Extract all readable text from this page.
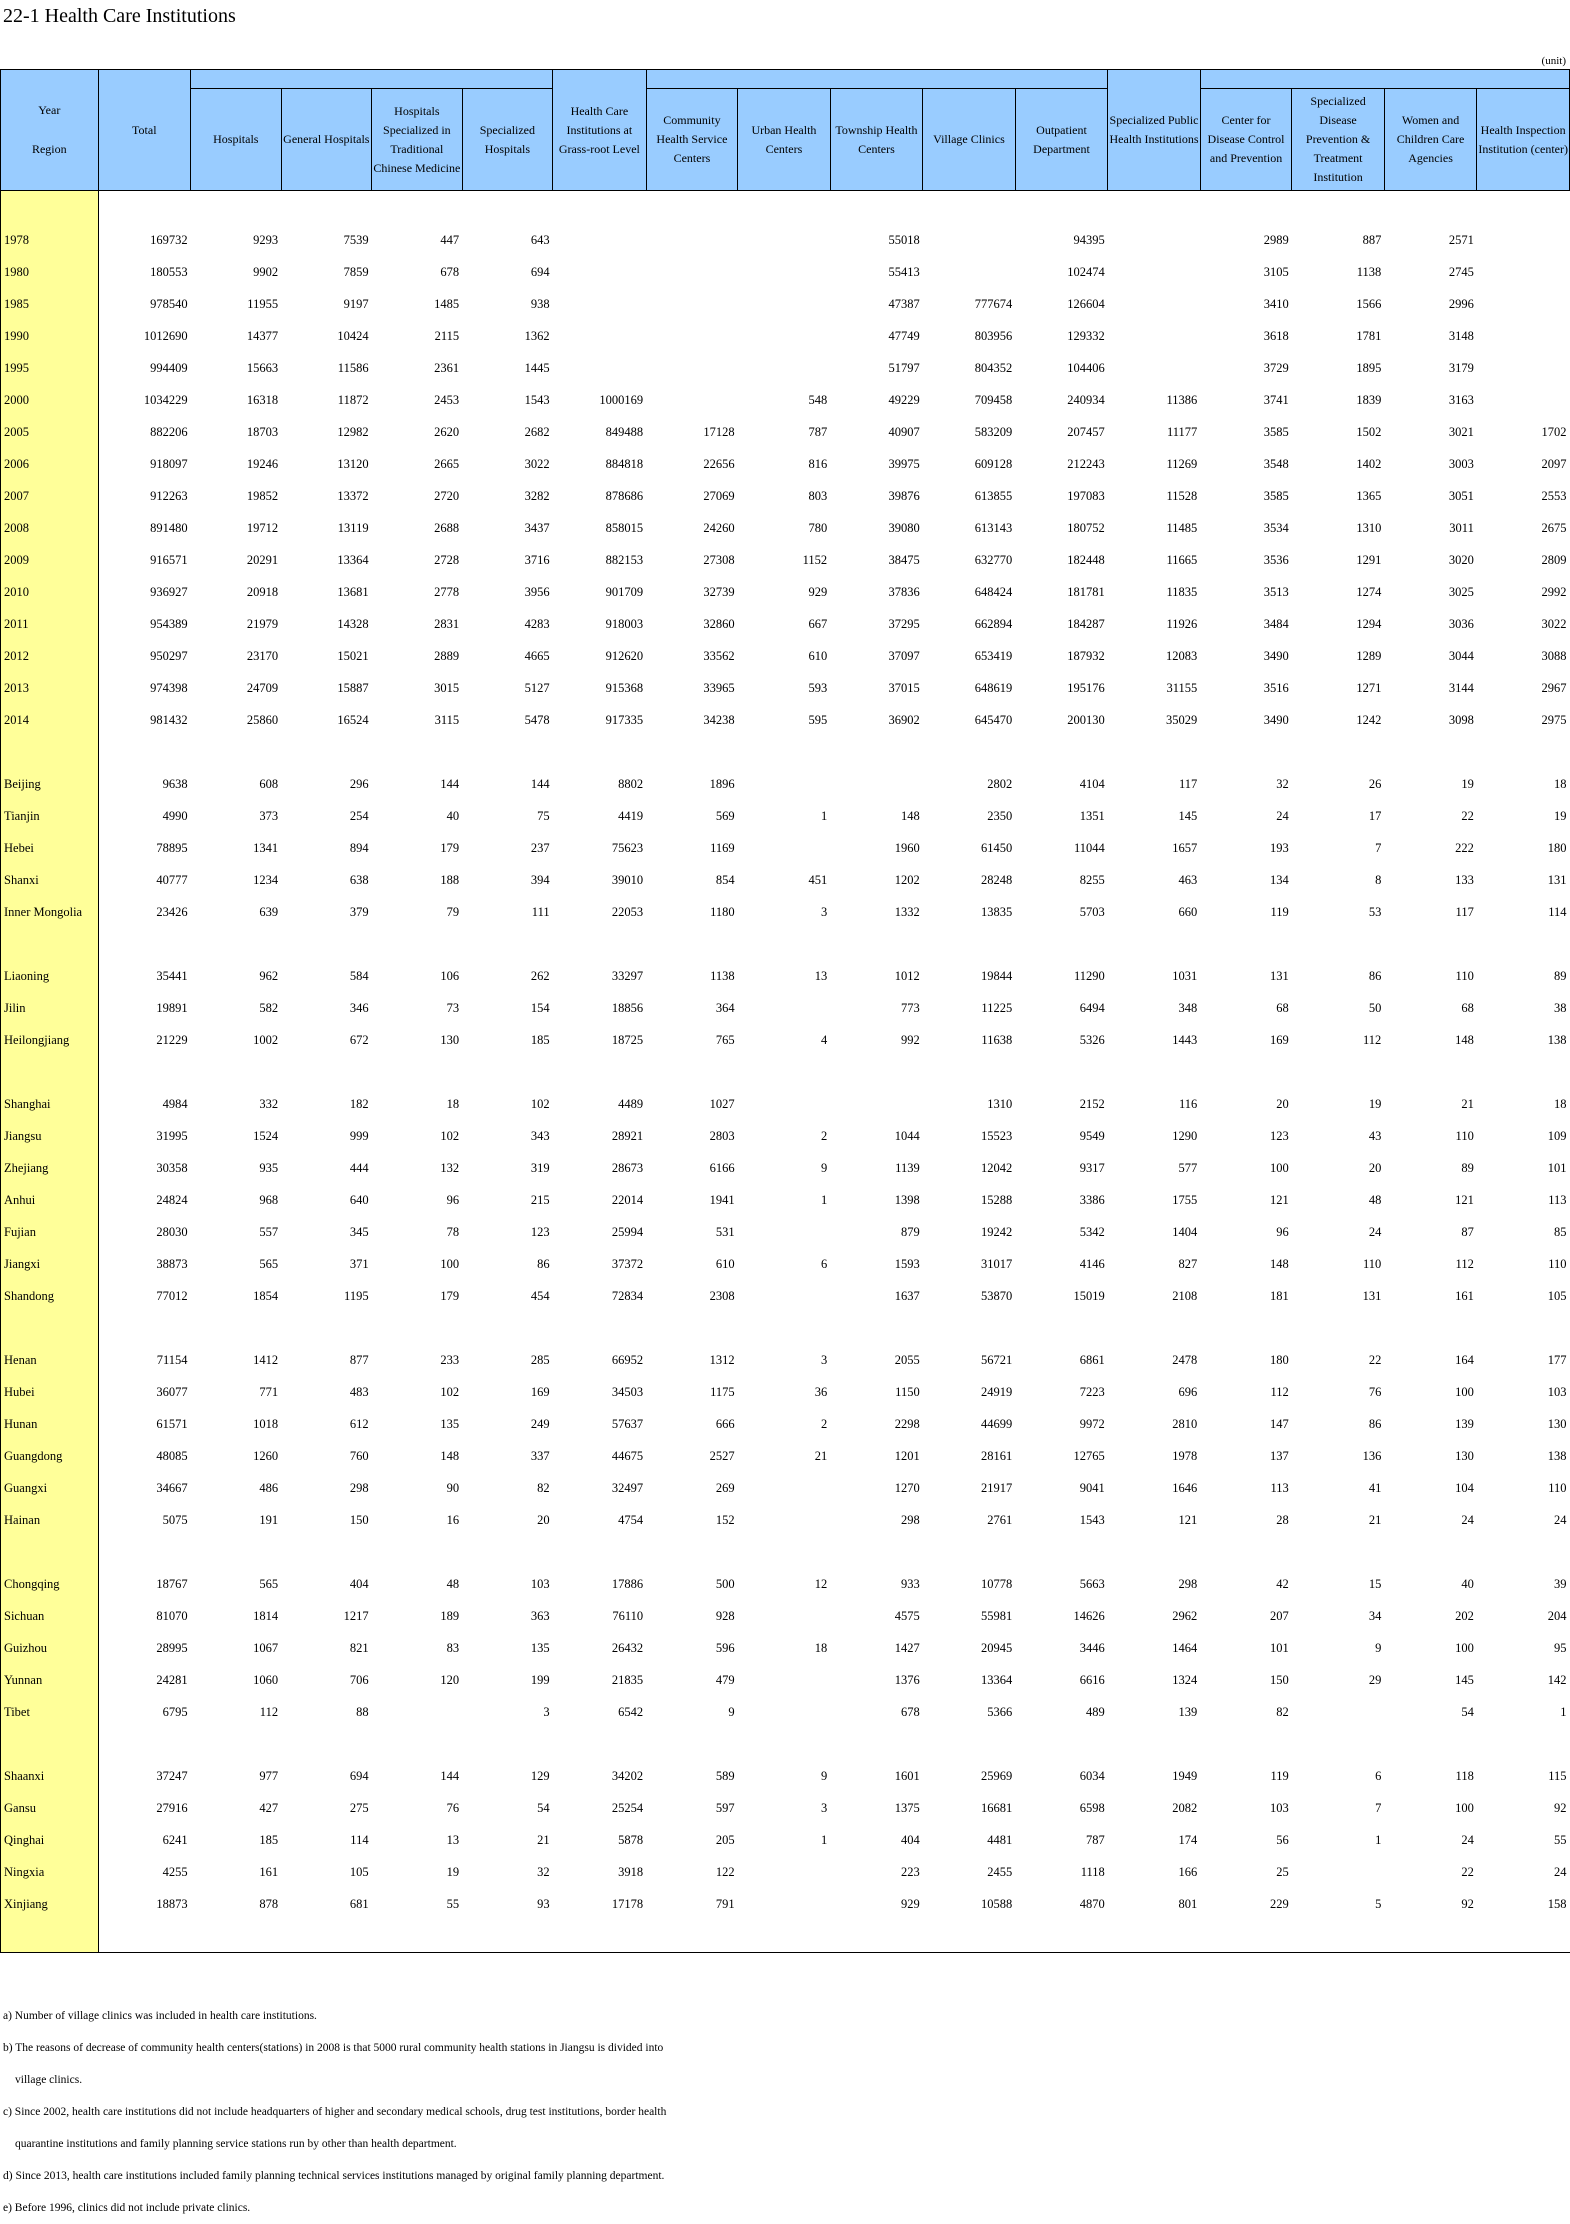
22-1 Health Care Institutions
(unit)
Year
Region	Total					Health Care Institutions at Grass-root Level						Specialized Public Health Institutions				
		Hospitals	General Hospitals	Hospitals Specialized in Traditional Chinese Medicine	Specialized Hospitals		Community Health Service Centers	Urban Health Centers	Township Health Centers	Village Clinics	Outpatient Department		Center for Disease Control and Prevention	Specialized Disease Prevention & Treatment Institution	Women and Children Care Agencies	Health Inspection Institution (center)

1978	169732	9293	7539	447	643				55018		94395		2989	887	2571	
1980	180553	9902	7859	678	694				55413		102474		3105	1138	2745	
1985	978540	11955	9197	1485	938				47387	777674	126604		3410	1566	2996	
1990	1012690	14377	10424	2115	1362				47749	803956	129332		3618	1781	3148	
1995	994409	15663	11586	2361	1445				51797	804352	104406		3729	1895	3179	
2000	1034229	16318	11872	2453	1543	1000169		548	49229	709458	240934	11386	3741	1839	3163	
2005	882206	18703	12982	2620	2682	849488	17128	787	40907	583209	207457	11177	3585	1502	3021	1702
2006	918097	19246	13120	2665	3022	884818	22656	816	39975	609128	212243	11269	3548	1402	3003	2097
2007	912263	19852	13372	2720	3282	878686	27069	803	39876	613855	197083	11528	3585	1365	3051	2553
2008	891480	19712	13119	2688	3437	858015	24260	780	39080	613143	180752	11485	3534	1310	3011	2675
2009	916571	20291	13364	2728	3716	882153	27308	1152	38475	632770	182448	11665	3536	1291	3020	2809
2010	936927	20918	13681	2778	3956	901709	32739	929	37836	648424	181781	11835	3513	1274	3025	2992
2011	954389	21979	14328	2831	4283	918003	32860	667	37295	662894	184287	11926	3484	1294	3036	3022
2012	950297	23170	15021	2889	4665	912620	33562	610	37097	653419	187932	12083	3490	1289	3044	3088
2013	974398	24709	15887	3015	5127	915368	33965	593	37015	648619	195176	31155	3516	1271	3144	2967
2014	981432	25860	16524	3115	5478	917335	34238	595	36902	645470	200130	35029	3490	1242	3098	2975

Beijing	9638	608	296	144	144	8802	1896			2802	4104	117	32	26	19	18
Tianjin	4990	373	254	40	75	4419	569	1	148	2350	1351	145	24	17	22	19
Hebei	78895	1341	894	179	237	75623	1169		1960	61450	11044	1657	193	7	222	180
Shanxi	40777	1234	638	188	394	39010	854	451	1202	28248	8255	463	134	8	133	131
Inner Mongolia	23426	639	379	79	111	22053	1180	3	1332	13835	5703	660	119	53	117	114

Liaoning	35441	962	584	106	262	33297	1138	13	1012	19844	11290	1031	131	86	110	89
Jilin	19891	582	346	73	154	18856	364		773	11225	6494	348	68	50	68	38
Heilongjiang	21229	1002	672	130	185	18725	765	4	992	11638	5326	1443	169	112	148	138

Shanghai	4984	332	182	18	102	4489	1027			1310	2152	116	20	19	21	18
Jiangsu	31995	1524	999	102	343	28921	2803	2	1044	15523	9549	1290	123	43	110	109
Zhejiang	30358	935	444	132	319	28673	6166	9	1139	12042	9317	577	100	20	89	101
Anhui	24824	968	640	96	215	22014	1941	1	1398	15288	3386	1755	121	48	121	113
Fujian	28030	557	345	78	123	25994	531		879	19242	5342	1404	96	24	87	85
Jiangxi	38873	565	371	100	86	37372	610	6	1593	31017	4146	827	148	110	112	110
Shandong	77012	1854	1195	179	454	72834	2308		1637	53870	15019	2108	181	131	161	105

Henan	71154	1412	877	233	285	66952	1312	3	2055	56721	6861	2478	180	22	164	177
Hubei	36077	771	483	102	169	34503	1175	36	1150	24919	7223	696	112	76	100	103
Hunan	61571	1018	612	135	249	57637	666	2	2298	44699	9972	2810	147	86	139	130
Guangdong	48085	1260	760	148	337	44675	2527	21	1201	28161	12765	1978	137	136	130	138
Guangxi	34667	486	298	90	82	32497	269		1270	21917	9041	1646	113	41	104	110
Hainan	5075	191	150	16	20	4754	152		298	2761	1543	121	28	21	24	24

Chongqing	18767	565	404	48	103	17886	500	12	933	10778	5663	298	42	15	40	39
Sichuan	81070	1814	1217	189	363	76110	928		4575	55981	14626	2962	207	34	202	204
Guizhou	28995	1067	821	83	135	26432	596	18	1427	20945	3446	1464	101	9	100	95
Yunnan	24281	1060	706	120	199	21835	479		1376	13364	6616	1324	150	29	145	142
Tibet	6795	112	88		3	6542	9		678	5366	489	139	82		54	1

Shaanxi	37247	977	694	144	129	34202	589	9	1601	25969	6034	1949	119	6	118	115
Gansu	27916	427	275	76	54	25254	597	3	1375	16681	6598	2082	103	7	100	92
Qinghai	6241	185	114	13	21	5878	205	1	404	4481	787	174	56	1	24	55
Ningxia	4255	161	105	19	32	3918	122		223	2455	1118	166	25		22	24
Xinjiang	18873	878	681	55	93	17178	791		929	10588	4870	801	229	5	92	158

a) Number of village clinics was included in health care institutions.
b) The reasons of decrease of community health centers(stations) in 2008 is that 5000 rural community health stations in Jiangsu is divided into
village clinics.
c) Since 2002, health care institutions did not include headquarters of higher and secondary medical schools, drug test institutions, border health
quarantine institutions and family planning service stations run by other than health department.
d) Since 2013, health care institutions included family planning technical services institutions managed by original family planning department.
e) Before 1996, clinics did not include private clinics.
